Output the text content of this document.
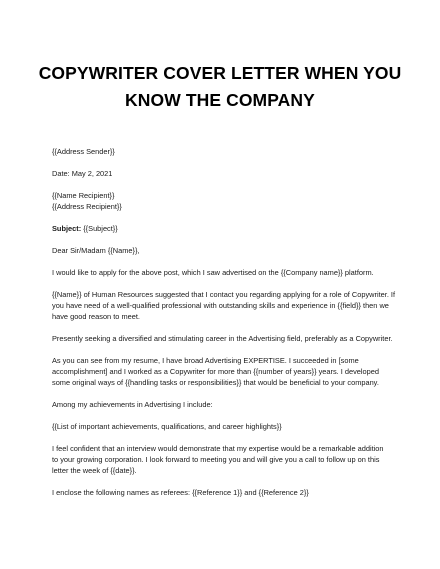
COPYWRITER COVER LETTER WHEN YOU
KNOW THE COMPANY
{{Address Sender}}
Date: May 2, 2021
{{Name Recipient}}
{{Address Recipient}}
Subject: {{Subject}}
Dear Sir/Madam {{Name}},
I would like to apply for the above post, which I saw advertised on the {{Company name}} platform.
{{Name}} of Human Resources suggested that I contact you regarding applying for a role of Copywriter. If
you have need of a well-qualified professional with outstanding skills and experience in {{field}} then we
have good reason to meet.
Presently seeking a diversified and stimulating career in the Advertising field, preferably as a Copywriter.
As you can see from my resume, I have broad Advertising EXPERTISE. I succeeded in [some
accomplishment] and I worked as a Copywriter for more than {{number of years}} years. I developed
some original ways of {{handling tasks or responsibilities}} that would be beneficial to your company.
Among my achievements in Advertising I include:
{{List of important achievements, qualifications, and career highlights}}
I feel confident that an interview would demonstrate that my expertise would be a remarkable addition
to your growing corporation. I look forward to meeting you and will give you a call to follow up on this
letter the week of {{date}}.
I enclose the following names as referees: {{Reference 1}} and {{Reference 2}}
